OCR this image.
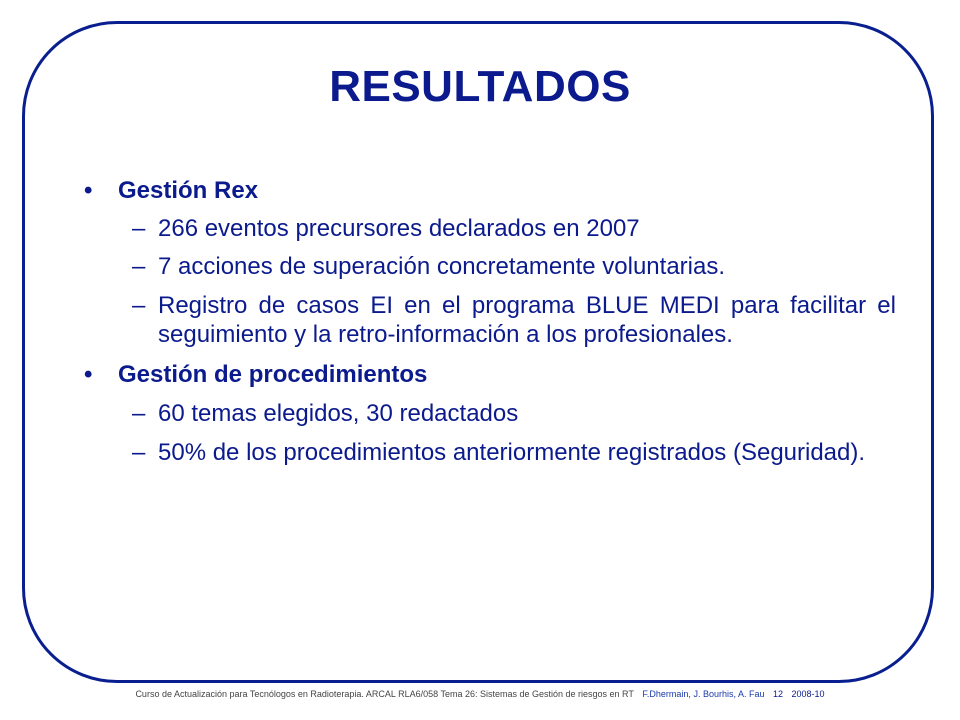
RESULTADOS
•	Gestión Rex
– 266 eventos precursores declarados en 2007
– 7 acciones de superación concretamente voluntarias.
– Registro de casos EI en el programa BLUE MEDI para facilitar el seguimiento y la retro-información a los profesionales.
•	Gestión de procedimientos
– 60 temas elegidos, 30 redactados
– 50% de los procedimientos anteriormente registrados (Seguridad).
Curso de Actualización para Tecnólogos en Radioterapia. ARCAL RLA6/058 Tema 26: Sistemas de Gestión de riesgos en RT F.Dhermain, J. Bourhis, A. Fau 12 2008-10
